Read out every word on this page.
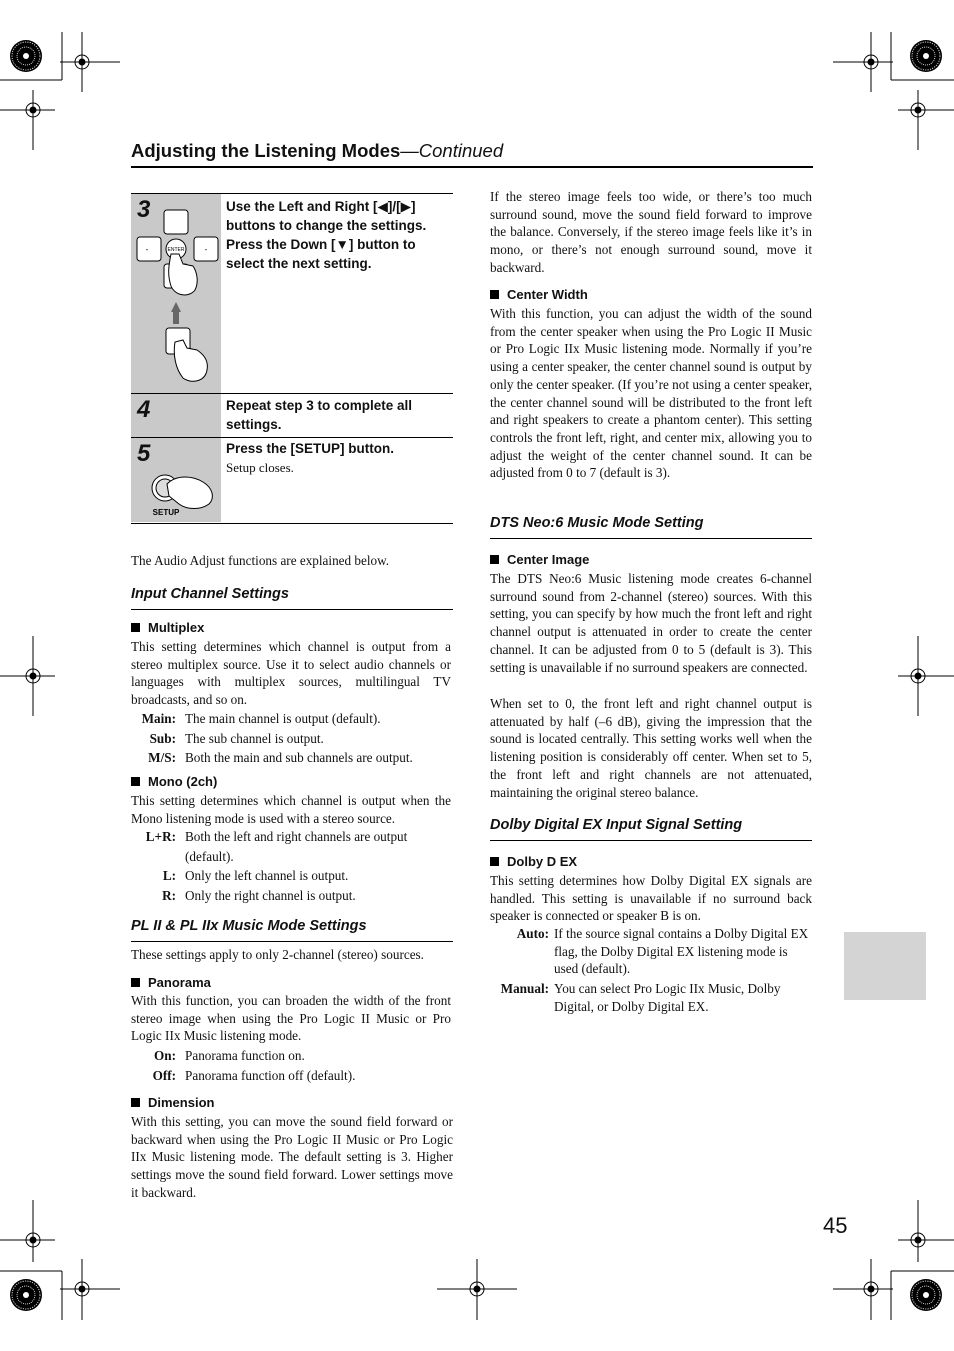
Adjusting the Listening Modes—Continued
3
ENTER
-	-
Use the Left and Right [◀]/[▶] buttons to change the settings.
Press the Down [▼] button to select the next setting.
4	Repeat step 3 to complete all settings.
5
SETUP
Press the [SETUP] button.
Setup closes.
The Audio Adjust functions are explained below.
Input Channel Settings
Multiplex

This setting determines which channel is output from a stereo multiplex source. Use it to select audio channels or languages with multiplex sources, multilingual TV broadcasts, and so on.

Main: The main channel is output (default).
Sub: The sub channel is output.
M/S: Both the main and sub channels are output.
Mono (2ch)

This setting determines which channel is output when the Mono listening mode is used with a stereo source.

L+R: Both the left and right channels are output (default).
L: Only the left channel is output.
R: Only the right channel is output.
PL II & PL IIx Music Mode Settings
These settings apply to only 2-channel (stereo) sources.
Panorama

With this function, you can broaden the width of the front stereo image when using the Pro Logic II Music or Pro Logic IIx Music listening mode.

On: Panorama function on.
Off: Panorama function off (default).
Dimension

With this setting, you can move the sound field forward or backward when using the Pro Logic II Music or Pro Logic IIx Music listening mode. The default setting is 3. Higher settings move the sound field forward. Lower settings move it backward.

If the stereo image feels too wide, or there’s too much surround sound, move the sound field forward to improve the balance. Conversely, if the stereo image feels like it’s in mono, or there’s not enough surround sound, move it backward.

Center Width

With this function, you can adjust the width of the sound from the center speaker when using the Pro Logic II Music or Pro Logic IIx Music listening mode. Normally if you’re using a center speaker, the center channel sound is output by only the center speaker. (If you’re not using a center speaker, the center channel sound will be distributed to the front left and right speakers to create a phantom center). This setting controls the front left, right, and center mix, allowing you to adjust the weight of the center channel sound. It can be adjusted from 0 to 7 (default is 3).

DTS Neo:6 Music Mode Setting
Center Image

The DTS Neo:6 Music listening mode creates 6-channel surround sound from 2-channel (stereo) sources. With this setting, you can specify by how much the front left and right channel output is attenuated in order to create the center channel. It can be adjusted from 0 to 5 (default is 3). This setting is unavailable if no surround speakers are connected.

When set to 0, the front left and right channel output is attenuated by half (–6 dB), giving the impression that the sound is located centrally. This setting works well when the listening position is considerably off center. When set to 5, the front left and right channels are not attenuated, maintaining the original stereo balance.

Dolby Digital EX Input Signal Setting
Dolby D EX

This setting determines how Dolby Digital EX signals are handled. This setting is unavailable if no surround back speaker is connected or speaker B is on.

Auto: If the source signal contains a Dolby Digital EX flag, the Dolby Digital EX listening mode is used (default).
Manual: You can select Pro Logic IIx Music, Dolby Digital, or Dolby Digital EX.
45
